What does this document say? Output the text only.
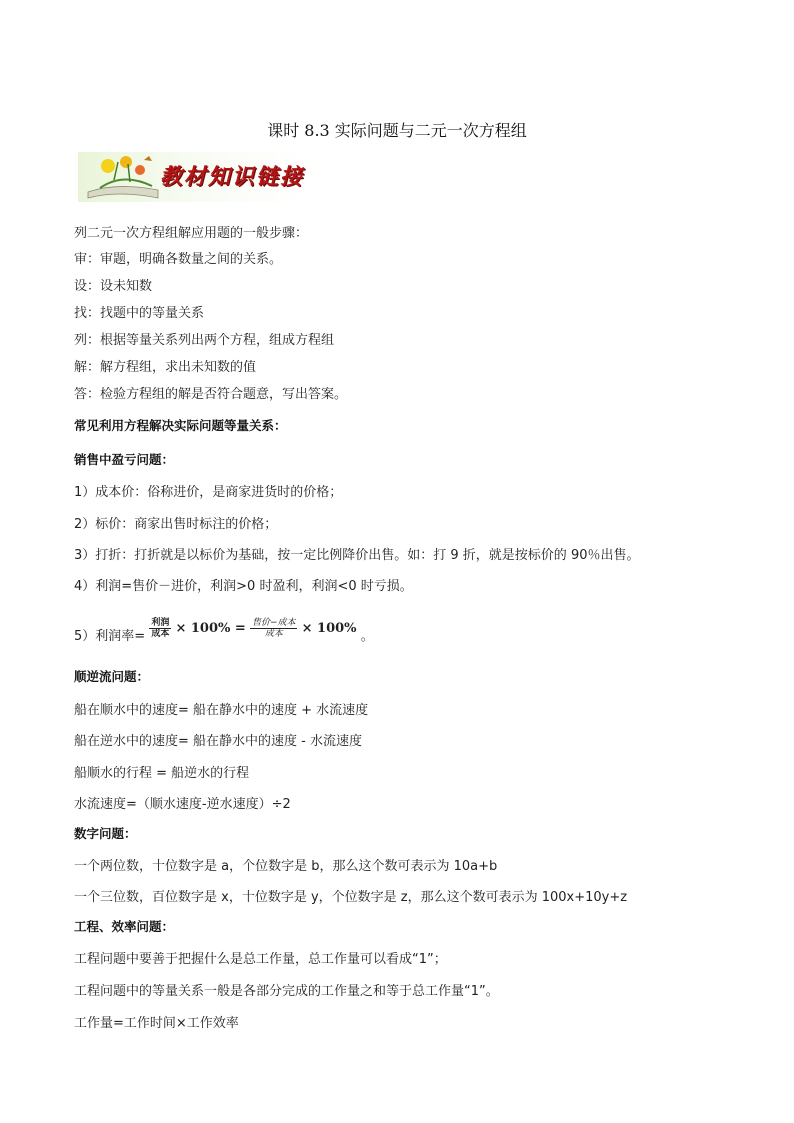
课时 8.3 实际问题与二元一次方程组
教材知识链接
列二元一次方程组解应用题的一般步骤：
审：审题，明确各数量之间的关系。
设：设未知数
找：找题中的等量关系
列：根据等量关系列出两个方程，组成方程组
解：解方程组，求出未知数的值
答：检验方程组的解是否符合题意，写出答案。
常见利用方程解决实际问题等量关系：
销售中盈亏问题：
1）成本价：俗称进价，是商家进货时的价格；
2）标价：商家出售时标注的价格；
3）打折：打折就是以标价为基础，按一定比例降价出售。如：打 9 折，就是按标价的 90％出售。
4）利润=售价－进价，利润>0 时盈利，利润<0 时亏损。
5）利润率= $\frac{\text{利润}}{\text{成本}} \times 100\% = \frac{\text{售价−成本}}{\text{成本}} \times 100\%$ 。
顺逆流问题：
船在顺水中的速度= 船在静水中的速度 + 水流速度
船在逆水中的速度= 船在静水中的速度 - 水流速度
船顺水的行程 = 船逆水的行程
水流速度=（顺水速度-逆水速度）÷2
数字问题：
一个两位数，十位数字是 a，个位数字是 b，那么这个数可表示为 10a+b
一个三位数，百位数字是 x，十位数字是 y，个位数字是 z，那么这个数可表示为 100x+10y+z
工程、效率问题：
工程问题中要善于把握什么是总工作量，总工作量可以看成“1”；
工程问题中的等量关系一般是各部分完成的工作量之和等于总工作量“1”。
工作量=工作时间×工作效率
